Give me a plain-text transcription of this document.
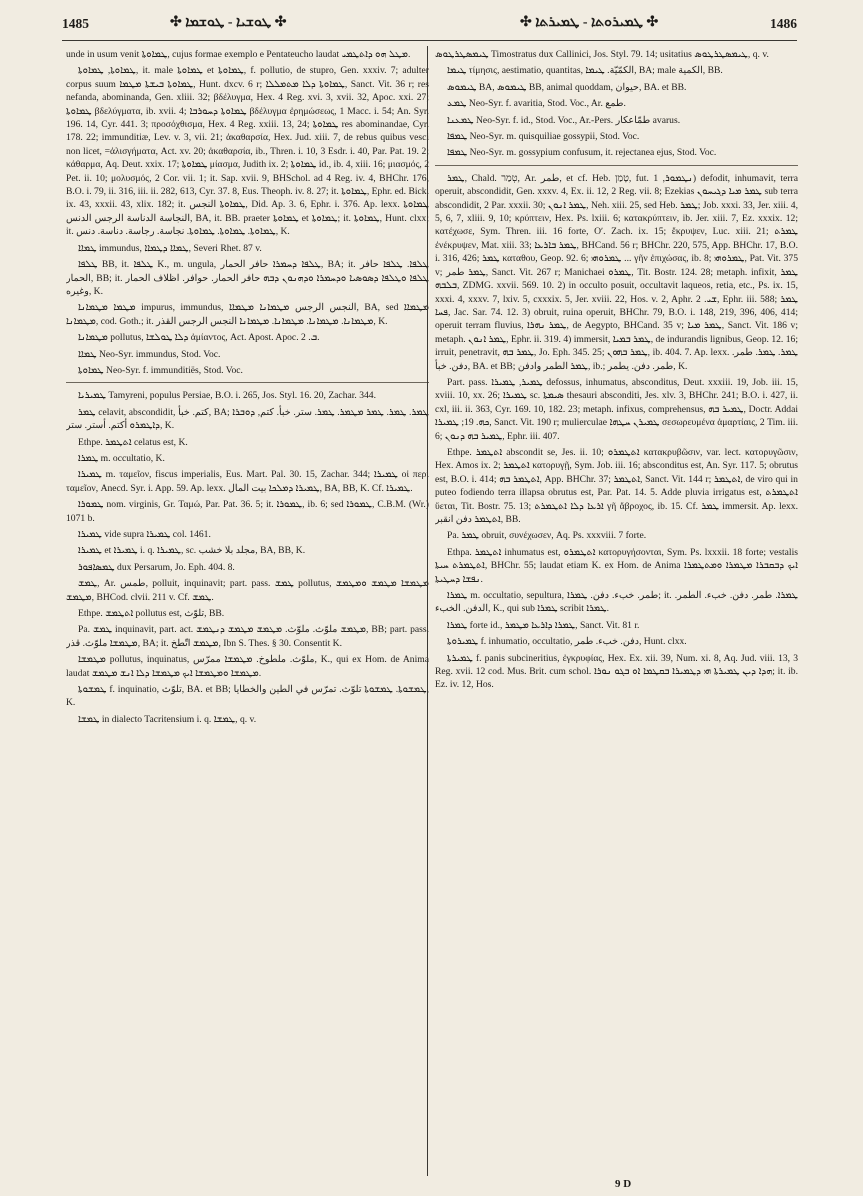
1485	✣ ܛܘܫܝܐ - ܛܘܫܡܐ ✣	✣ ܛܡܝܪܘܬܐ - ܛܡܝܪܬܐ ✣	1486

unde in usum venit ܛܡܐܘܬܐ, cujus formae exemplo e Pentateucho laudat ܡܛܠ ܗܘ ܕܐܬܛܡܝ.

ܛܡܐܘܬܐ, ܛܡܐܘܬܐ, it. male ܛܡܐܘܬܐ et ܛܡܐܘܬܐ, f. pollutio, de stupro, Gen. xxxiv. 7; adulter corpus suum ܛܡܐܘܬܐ ܒܝܫܬܐ ܡܛܡܐ, Hunt. dxcv. 6 r; ܛܡܐܘܬܐ ܕܠܐ ܡܬܡܠܠܐ, Sanct. Vit. 36 r; res nefanda, abominanda, Gen. xliii. 32; βδέλυγμα, Hex. 4 Reg. xvi. 3, xvii. 32, Apoc. xxi. 27; ܛܡܐܘܬܐ βδελύγματα, ib. xvii. 4; ܛܡܐܘܬܐ ܕܚܘܪܒܐ βδέλυγμα ἐρημώσεως, 1 Macc. i. 54; An. Syr. 196. 14, Cyr. 441. 3; προσόχθισμα, Hex. 4 Reg. xxiii. 13, 24; ܛܡܐܘܬܐ res abominandae, Cyr. 178. 22; immunditiæ, Lev. v. 3, vii. 21; ἀκαθαρσία, Hex. Jud. xiii. 7, de rebus quibus vesci non licet, =ἀλισγήματα, Act. xv. 20; ἀκαθαρσία, ib., Thren. i. 10, 3 Esdr. i. 40, Par. Pat. 19. 2; κάθαρμα, Aq. Deut. xxix. 17; ܛܡܐܘܬܐ μίασμα, Judith ix. 2; ܛܡܐܘܬܐ id., ib. 4, xiii. 16; μιασμός, 2 Pet. ii. 10; μολυσμός, 2 Cor. vii. 1; it. Sap. xvii. 9, BHSchol. ad 4 Reg. iv. 4, BHChr. 176, B.O. i. 79, ii. 316, iii. ii. 282, 613, Cyr. 37. 8, Eus. Theoph. iv. 8. 27; it. ܛܡܐܘܬܐ, Ephr. ed. Bick. ix. 43, xxxii. 43, xlix. 182; it. ܛܡܐܘܬܐ ‮النجس‬, Did. Ap. 3. 6, Ephr. i. 376. Ap. lexx. ܛܡܐܘܬܐ ‮النجاسة الدناسة‬ ‮الرجس الدنس‬, BA, it. BB. praeter ܛܡܐܘܬܐ et ܛܡܐܘܬܐ; it. ܛܡܐܘܬܐ, Hunt. clxx; it. ܛܡܐܘܬܐ. ܛܡܐܘܬܐ. ܛܡܐܘܬܐ. ‮نجاسة. رجاسة. دناسة. دنس‬, K.

ܛܡܐܐ immundus, ܛܡܐܐ ܕܛܡܐܐ, Severi Rhet. 87 v.

ܛܠܦܐ BB, it. ܛܠܦܐ K., m. ungula, ܛܠܦܐ ܕܚܡܪܐ ‮حافر الحمار‬, BA; it. ܛܠܦܐ. ܛܠܦܐ ‮حافر الحمار‬, BB; it. ܛܠܦܐ ܘܛܠܦܐ ܕܣܘܣܝܐ ܘܕܚܡܪܐ ܘܕܗܢܘܢ ܕܒܗ ‮حافر الحمار‬. ‮حوافر. اظلاف الحمار وغيره‬, K.

ܡܛܡܐ ܡܛܡܐܢܐ impurus, immundus, ‮النجس الرجس‬ ܡܛܡܐܢܐ ܡܛܡܐܐ, BA, sed ܡܛܡܐܐ ܡܛܡܐܢܐ, cod. Goth.; it. ܡܛܡܐܢܐ. ܡܛܡܐܢܐ. ܡܛܡܐܢܐ. ܡܛܡܐܢܐ ‮النجس الرجس‬ ‮القذر‬, K.

ܡܛܡܐܢܐ pollutus, ܕܠܐ ܛܘܠܫܐ ἀμίαντος, Act. Apost. Apoc. ܒ. 2.

ܛܡܐܐ Neo-Syr. immundus, Stod. Voc.

ܛܡܐܘܬܐ Neo-Syr. f. immunditiës, Stod. Voc.

ܛܡܝܪܝܐ Tamyreni, populus Persiae, B.O. i. 265, Jos. Styl. 16. 20, Zachar. 344.

ܛܡܪ celavit, abscondidit, ‮كتم. خبأ‬, BA; ܛܡܪ. ܛܡܪ. ܛܡܪ ܡܛܡܪ. ܛܡܪ. ‮ستر. خبأ. كتم‬, ܕܘܒܪܐ ܕܐܛܡܪܘ ‮أكتم. أستر. ستر‬, K.

Ethpe. ܐܬܛܡܪ celatus est, K.

ܛܡܪܐ m. occultatio, K.

ܛܡܝܪܐ m. ταμεῖον, fiscus imperialis, Eus. Mart. Pal. 30. 15, Zachar. 344; ܛܡܝܪܐ οἱ περὶ ταμεῖον, Anecd. Syr. i. App. 59. Ap. lexx. ܛܡܝܪܐ ܕܡܠܟܐ ‮بيت المال‬, BA, BB, K. Cf. ܛܡܝܪܐ.

ܛܡܘܪܐ nom. virginis, Gr. Ταμώ, Par. Pat. 36. 5; it. ܛܡܘܪܐ, ib. 6; sed ܛܡܘܪܐ, C.B.M. (Wr.) 1071 b.

ܛܡܝܪܐ vide supra ܛܡܝܪܐ col. 1461.

ܛܡܝܪܐ et ܛܡܝܪܐ i. q. ܛܡܝܪܐ, sc. ‮مجلد بلا خشب‬, BA, BB, K.

ܛܡܣܐܦܘܪ dux Persarum, Jo. Eph. 404. 8.

ܛܡܫ, Ar. ‮طمس‬, polluit, inquinavit; part. pass. ܛܡܫ pollutus, ܡܛܡܫܐ ܡܛܡܫ ܘܡܛܡܫ ܡܛܡܫ, BHCod. clvii. 211 v. Cf. ܛܡܫ.

Ethpe. ܐܬܛܡܫ pollutus est, ‮تلوّث‬, BB.

Pa. ܛܡܫ inquinavit, part. act. ܡܛܡܫ ‮ملوّث‬. ‮ملوّث‬. ܡܛܡܫ ܡܛܡܫ ܕܢܛܡܫ, BB; part. pass. ܡܛܡܫܐ ‮ملوّث. قذر‬, BA; it. ܡܛܡܫ ‮اتّطخ‬, Ibn S. Thes. § 30. Consentit K.

ܡܛܡܫܐ pollutus, inquinatus, ‮ملوّث. ملطوخ‬. ܡܛܡܫܐ ‮ممرّس‬, K., qui ex Hom. de Anima laudat ܡܛܡܫܐ ܘܡܛܡܫܐ ܐܝܟ ܡܛܡܫܐ ܕܠܐ ܐܢܫ ܡܛܡܫ.

ܛܡܫܘܬܐ f. inquinatio, ‮تلوّث‬, BA. et BB; ܛܡܫܘܬܐ. ܛܡܫܘܬܐ ‮تلوّث. تمرّس في الطين والخطايا‬, K.

ܛܡܫܐ in dialecto Tacritensium i. q. ܛܡܫܐ, q. v.

ܛܝܡܣܛܪܛܘܣ Timostratus dux Callinici, Jos. Styl. 79. 14; usitatius ܛܝܡܣܛܪܛܘܣ, q. v.

ܛܝܡܐ τίμησις, aestimatio, quantitas, ‮الكمّيّة‬. ܛܝܡܐ, BA; male ‮الكمية‬, BB.

ܛܝܡܘܣ BA, ܛܝܡܘܣ BB, animal quoddam, ‮حيوان‬, BA. et BB.

ܛܡܥ Neo-Syr. f. avaritia, Stod. Voc., Ar. ‮طمع‬.

ܛܡܥܢܐ Neo-Syr. f. id., Stod. Voc., Ar.-Pers. ‮طمّاعكار‬ avarus.

ܛܡܦܐ Neo-Syr. m. quisquiliae gossypii, Stod. Voc.

ܛܡܦܐ Neo-Syr. m. gossypium confusum, it. rejectanea ejus, Stod. Voc.

ܛܡܪ, Chald. טְמַר, Ar. ‮طمر‬, et cf. Heb. טָמַן, fut. ܢܛܡܘܪ, 1) defodit, inhumavit, terra operuit, abscondidit, Gen. xxxv. 4, Ex. ii. 12, 2 Reg. vii. 8; Ezekias ܛܡܪ ܡܝܐ ܕܓܝܚܘܢ sub terra abscondidit, 2 Par. xxxii. 30; ܛܡܪ ܐܢܘܢ, Neh. xiii. 25, sed Heb. ܛܡܪ; Job. xxxi. 33, Jer. xiii. 4, 5, 6, 7, xliii. 9, 10; κρύπτειν, Hex. Ps. lxiii. 6; κατακρύπτειν, ib. Jer. xiii. 7, Ez. xxxix. 12; κατέχωσε, Sym. Thren. iii. 16 forte, Oʹ. Zach. ix. 15; ἔκρυψεν, Luc. xiii. 21; ܛܡܪܬ ἐνέκρυψεν, Mat. xiii. 33; ܛܡܪ ܒܐܪܥܐ, BHCand. 56 r; BHChr. 220, 575, App. BHChr. 17, B.O. i. 316, 426; ܛܡܪ καταθου, Geop. 92. 6; ܛܡܪܘܗܝ ... γῆν ἐπιχώσας, ib. 8; ܛܡܪܘܗܝ, Pat. Vit. 375 v; ܛܡܪ ‮طمر‬, Sanct. Vit. 267 r; Manichaei ܛܡܪܘ, Tit. Bostr. 124. 28; metaph. infixit, ܛܡܪ ܒܠܒܗ, ZDMG. xxvii. 569. 10. 2) in occulto posuit, occultavit laqueos, retia, etc., Ps. ix. 15, xxxi. 4, xxxv. 7, lxiv. 5, cxxxix. 5, Jer. xviii. 22, Hos. v. 2, Aphr. ܫܝ. 2, Ephr. iii. 588; ܛܡܪ ܦܚܐ, Jac. Sar. 74. 12. 3) obruit, ruina operuit, BHChr. 79, B.O. i. 148, 219, 396, 406, 414; operuit terram fluvius, ܛܡܪ ܢܗܪܐ, de Aegypto, BHCand. 35 v; ܛܡܪ ܡܝܐ, Sanct. Vit. 186 v; metaph. ܛܡܪ ܐܢܘܢ, Ephr. ii. 319. 4) immersit, ܛܡܪ ܒܡܝܐ, de indurandis lignibus, Geop. 12. 16; irruit, penetravit, ܛܡܪ ܒܗ, Jo. Eph. 345. 25; ܛܡܪ ܒܗܘܢ, ib. 404. 7. Ap. lexx. ܛܡܪ. ܛܡܪ. ‮طمر. دفن. خبأ‬, BA. et BB; ܛܡܪ ‮الطمر وادفن‬, ib.; ‮طمر. دفن. يطمر‬, K.

Part. pass. ܛܡܝܪ, ܛܡܝܪܐ defossus, inhumatus, absconditus, Deut. xxxiii. 19, Job. iii. 15, xviii. 10, xx. 26; ܛܡܝܪܐ sc. ܣܝܡܬܐ thesauri absconditi, Jes. xlv. 3, BHChr. 241; B.O. i. 427, ii. cxl, iii. ii. 363, Cyr. 169. 10, 182. 23; metaph. infixus, comprehensus, ܛܡܝܪ ܒܗ, Doctr. Addai ܟܗ. 19; ܛܡܝܪܐ, Sanct. Vit. 190 r; mulierculae ܛܡܝܪܢ ܚܛܗܐ σεσωρευμένα ἁμαρτίαις, 2 Tim. iii. 6; ܛܡܝܪ ܒܗ ܕܢܘܢ, Ephr. iii. 407.

Ethpe. ܐܬܛܡܪ abscondit se, Jes. ii. 10; ܐܬܛܡܪܘ κατακρυβῶσιν, var. lect. κατορυγῶσιν, Hex. Amos ix. 2; ܐܬܛܡܪ κατορυγῇ, Sym. Job. iii. 16; absconditus est, An. Syr. 117. 5; obrutus est, B.O. i. 414; ܐܬܛܡܪ ܒܗ, App. BHChr. 37; ܐܬܛܡܪ, Sanct. Vit. 144 r; ܐܬܛܡܪ, de viro qui in puteo fodiendo terra illapsa obrutus est, Par. Pat. 14. 5. Adde pluvia irrigatus est, ܐܬܛܡܪܬ ὕεται, Tit. Bostr. 75. 13; ܐܪܥܐ ܕܠܐ ܐܬܛܡܪܬ γῆ ἄβροχος, ib. 15. Cf. ܛܡܪ immersit. Ap. lexx. ܐܬܛܡܪ ‮دفن انقبر‬, BB.

Pa. ܛܡܪ obruit, συνέχωσεν, Aq. Ps. xxxviii. 7 forte.

Ethpa. ܐܬܛܡܪ inhumatus est, ܐܬܛܡܪܘ κατορυγήσονται, Sym. Ps. lxxxii. 18 forte; vestalis ܐܬܛܡܪܬ ܚܝܬܐ, BHChr. 55; laudat etiam K. ex Hom. de Anima ܐܝܟ ܕܒܩܒܪܐ ܡܛܡܪܐ ܘܡܬܛܡܪܐ ܢܦܫܐ ܕܚܛܝܬܐ.

ܛܡܪܐ m. occultatio, sepultura, ‮طمر. خبء. دفن‬. ܛܡܪܐ; it. ܛܡܪܐ. ‮طمر. دفن. خبء. الطمر. الدفن. الخبء‬, K., qui sub ܛܡܪܐ scribit ܛܡܪܐ.

ܛܡܪܐ forte id., ܛܡܪܐ ܕܐܪܥܐ ܡܛܡܪ, Sanct. Vit. 81 r.

ܛܡܝܪܘܬܐ f. inhumatio, occultatio, ‮دفن. خبء. طمر‬, Hunt. clxx.

ܛܡܝܪܬܐ f. panis subcineritius, ἐγκρυφίας, Hex. Ex. xii. 39, Num. xi. 8, Aq. Jud. viii. 13, 3 Reg. xvii. 12 cod. Mus. Brit. cum schol. ܗܕܐ ܕܝܢ ܛܡܝܪܬܐ ܗܝ ܕܛܡܝܪܐ ܒܩܛܡܐ ܐܘ ܒܓܘ ܢܘܪܐ; it. ib. Ez. iv. 12, Hos.

9 D
